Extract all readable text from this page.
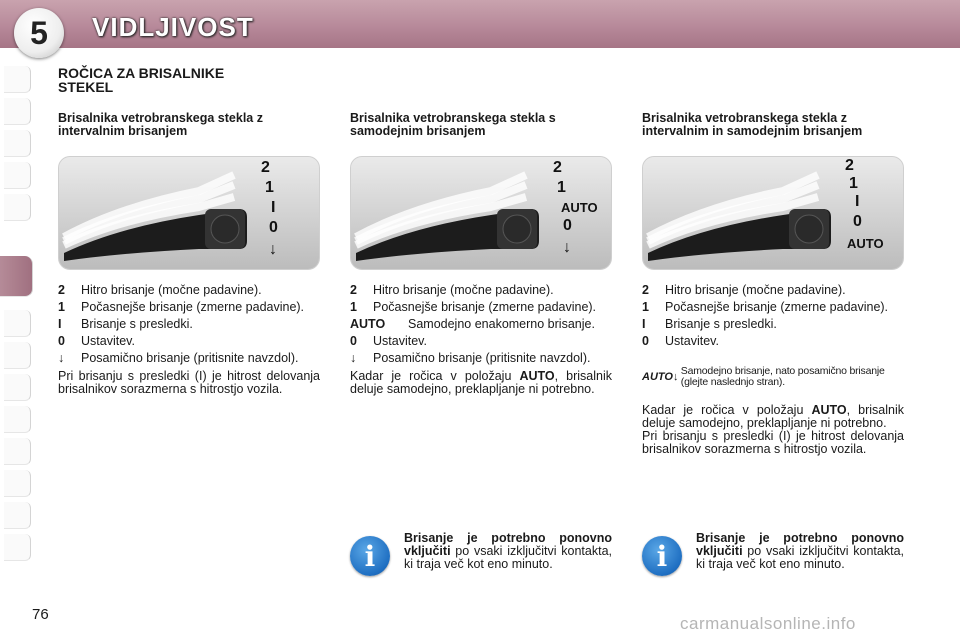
5 VIDLJIVOST
ROČICA ZA BRISALNIKE
STEKEL
Brisalnika vetrobranskega stekla z
intervalnim brisanjem
2
1
I
0
↓
2	Hitro brisanje (močne padavine).
1	Počasnejše brisanje (zmerne padavine).
I	Brisanje s presledki.
0	Ustavitev.
↓	Posamično brisanje (pritisnite navzdol).
Pri brisanju s presledki (I) je hitrost delovanja brisalnikov sorazmerna s hitrostjo vozila.
Brisalnika vetrobranskega stekla s
samodejnim brisanjem
2
1
AUTO
0
↓
2	Hitro brisanje (močne padavine).
1	Počasnejše brisanje (zmerne padavine).
AUTO	Samodejno enakomerno brisanje.
0	Ustavitev.
↓	Posamično brisanje (pritisnite navzdol).
Kadar je ročica v položaju AUTO, brisalnik deluje samodejno, preklapljanje ni potrebno.
Brisalnika vetrobranskega stekla z
intervalnim in samodejnim brisanjem
2
1
I
0
AUTO
2	Hitro brisanje (močne padavine).
1	Počasnejše brisanje (zmerne padavine).
I	Brisanje s presledki.
0	Ustavitev.
AUTO ↓ Samodejno brisanje, nato posamično brisanje (glejte naslednjo stran).
Kadar je ročica v položaju AUTO, brisalnik deluje samodejno, preklapljanje ni potrebno.
Pri brisanju s presledki (I) je hitrost delovanja brisalnikov sorazmerna s hitrostjo vozila.
i
Brisanje je potrebno ponovno vključiti po vsaki izključitvi kontakta, ki traja več kot eno minuto.	i
Brisanje je potrebno ponovno vključiti po vsaki izključitvi kontakta, ki traja več kot eno minuto.
76	carmanualsonline.info
